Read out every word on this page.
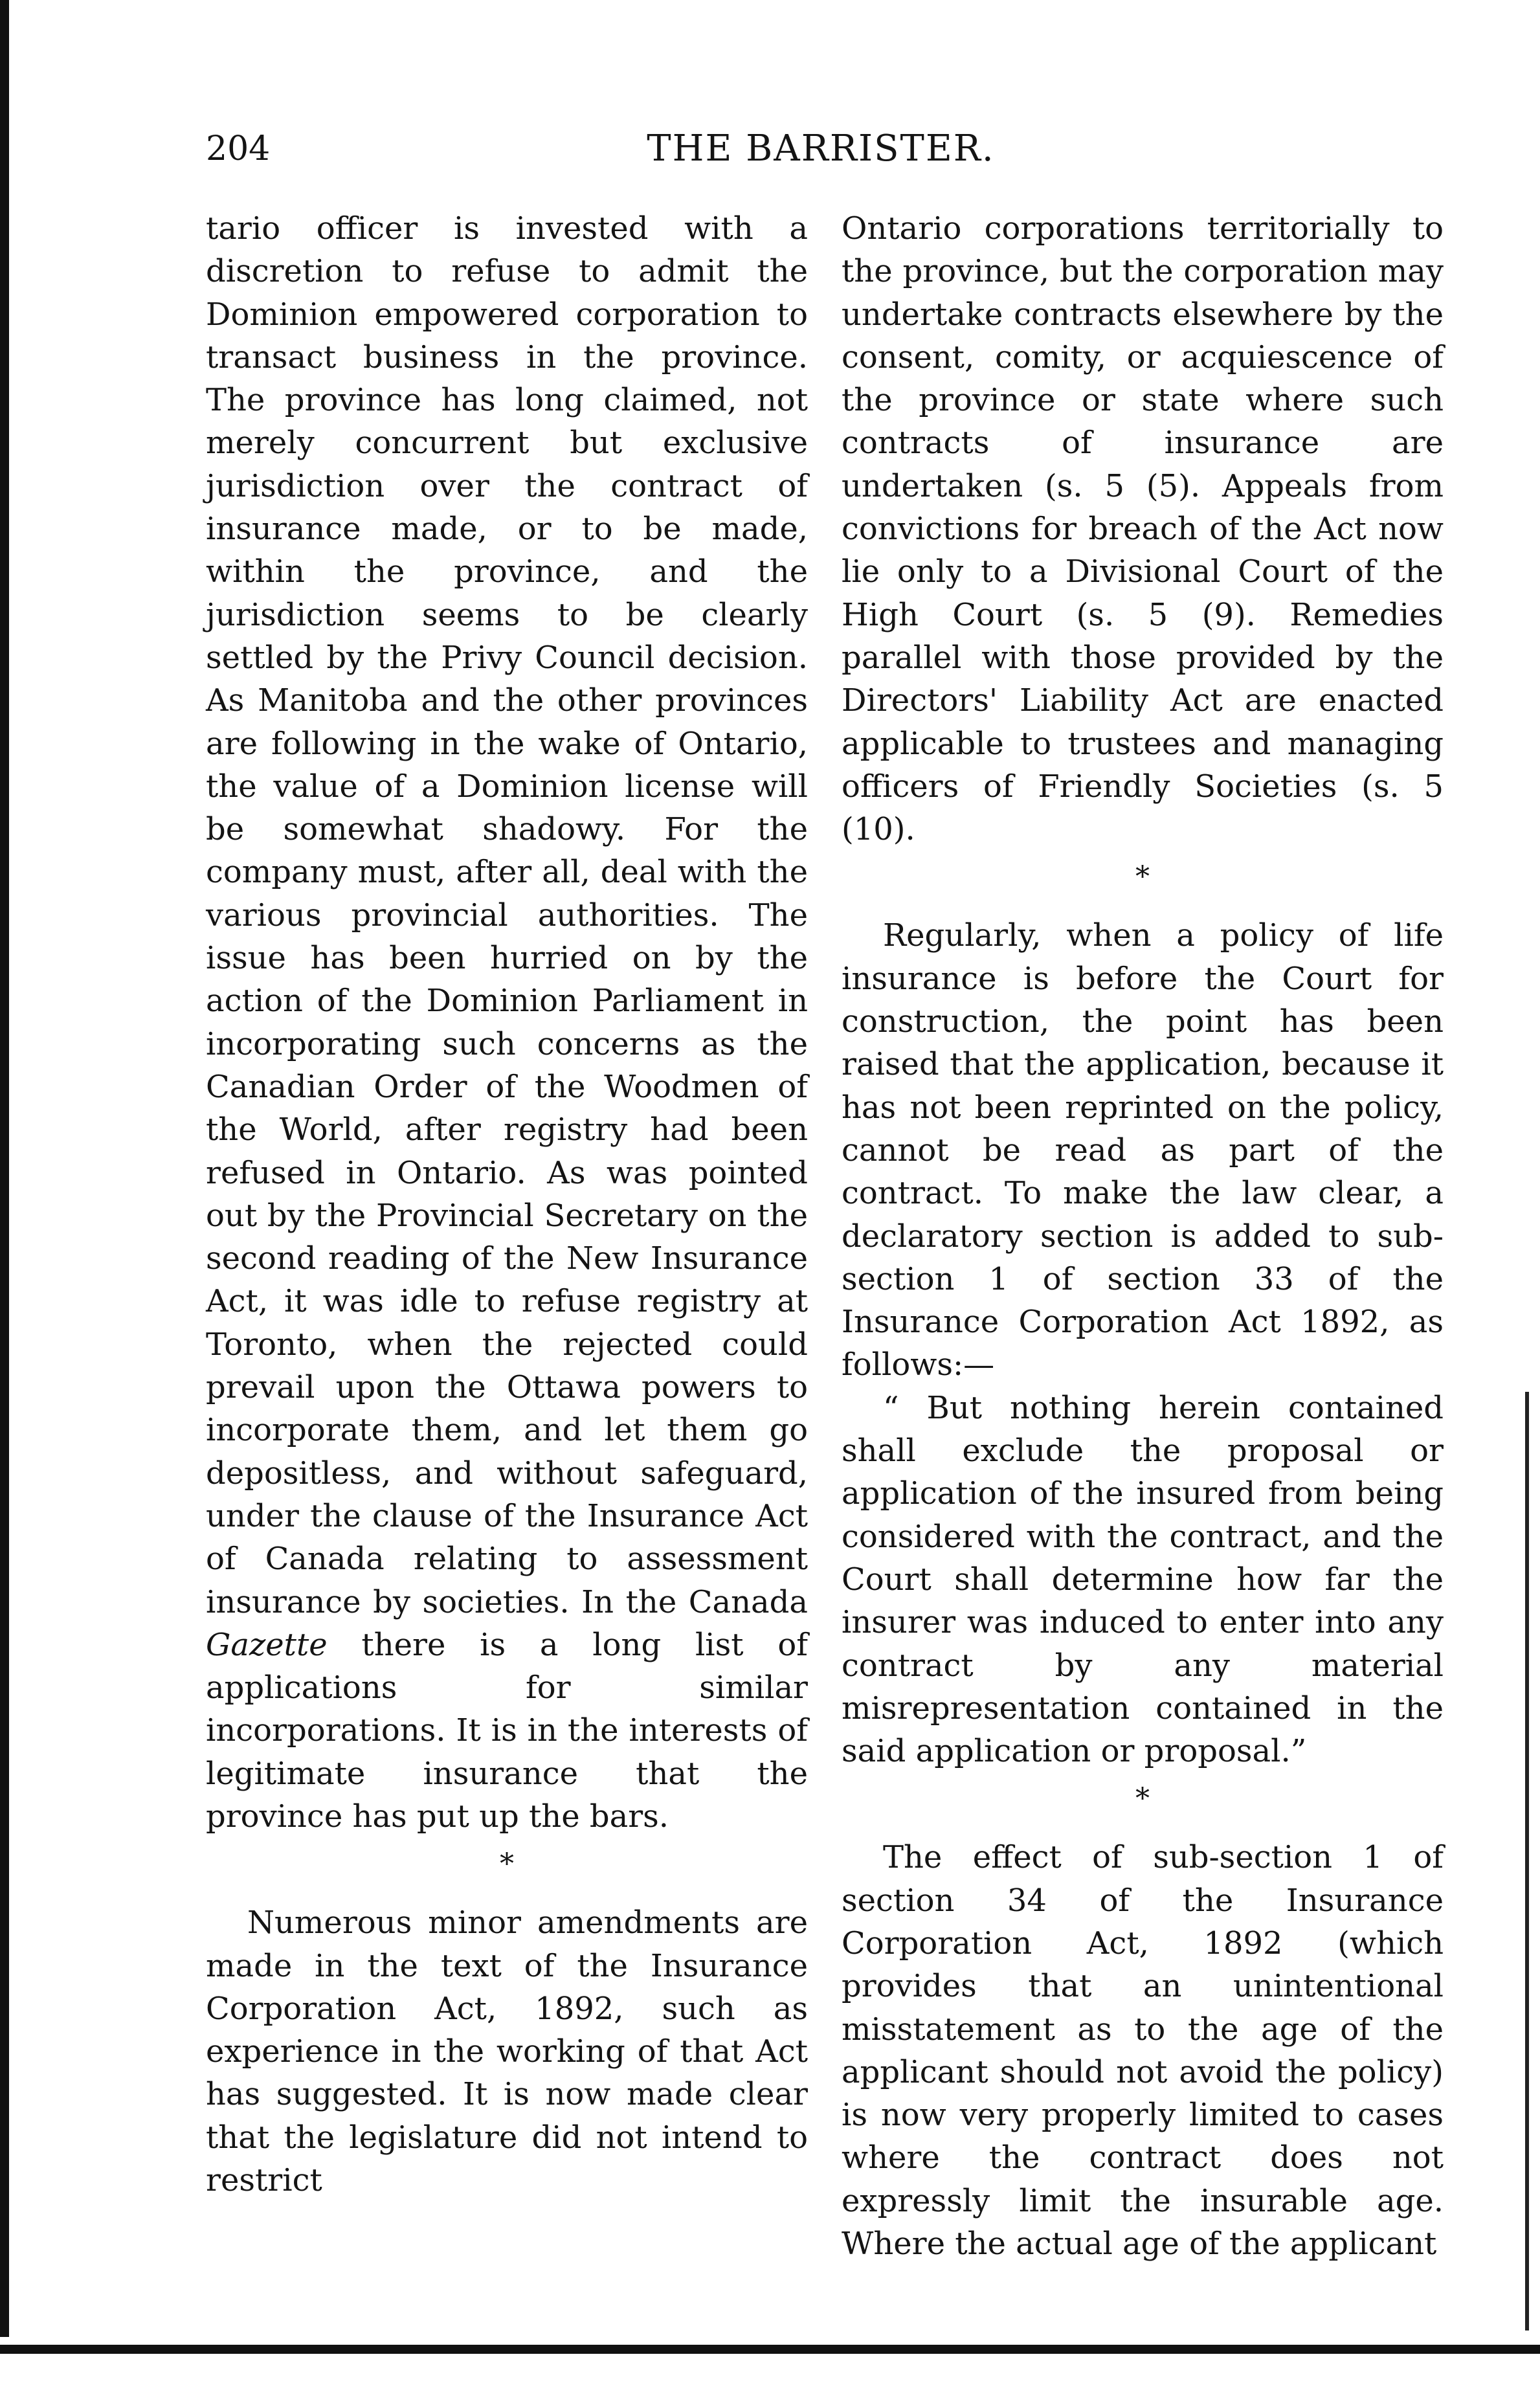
204	THE BARRISTER.

tario officer is invested with a discretion to refuse to admit the Dominion empowered corporation to transact business in the province. The province has long claimed, not merely concurrent but exclusive jurisdiction over the contract of insurance made, or to be made, within the province, and the jurisdiction seems to be clearly settled by the Privy Council decision. As Manitoba and the other provinces are following in the wake of Ontario, the value of a Dominion license will be somewhat shadowy. For the company must, after all, deal with the various provincial authorities. The issue has been hurried on by the action of the Dominion Parliament in incorporating such concerns as the Canadian Order of the Woodmen of the World, after registry had been refused in Ontario. As was pointed out by the Provincial Secretary on the second reading of the New Insurance Act, it was idle to refuse registry at Toronto, when the rejected could prevail upon the Ottawa powers to incorporate them, and let them go depositless, and without safeguard, under the clause of the Insurance Act of Canada relating to assessment insurance by societies. In the Canada Gazette there is a long list of applications for similar incorporations. It is in the interests of legitimate insurance that the province has put up the bars.

*

Numerous minor amendments are made in the text of the Insurance Corporation Act, 1892, such as experience in the working of that Act has suggested. It is now made clear that the legislature did not intend to restrict

Ontario corporations territorially to the province, but the corporation may undertake contracts elsewhere by the consent, comity, or acquiescence of the province or state where such contracts of insurance are undertaken (s. 5 (5). Appeals from convictions for breach of the Act now lie only to a Divisional Court of the High Court (s. 5 (9). Remedies parallel with those provided by the Directors' Liability Act are enacted applicable to trustees and managing officers of Friendly Societies (s. 5 (10).

*

Regularly, when a policy of life insurance is before the Court for construction, the point has been raised that the application, because it has not been reprinted on the policy, cannot be read as part of the contract. To make the law clear, a declaratory section is added to sub-section 1 of section 33 of the Insurance Corporation Act 1892, as follows:—

“ But nothing herein contained shall exclude the proposal or application of the insured from being considered with the contract, and the Court shall determine how far the insurer was induced to enter into any contract by any material misrepresentation contained in the said application or proposal.”

*

The effect of sub-section 1 of section 34 of the Insurance Corporation Act, 1892 (which provides that an unintentional misstatement as to the age of the applicant should not avoid the policy) is now very properly limited to cases where the contract does not expressly limit the insurable age. Where the actual age of the applicant
